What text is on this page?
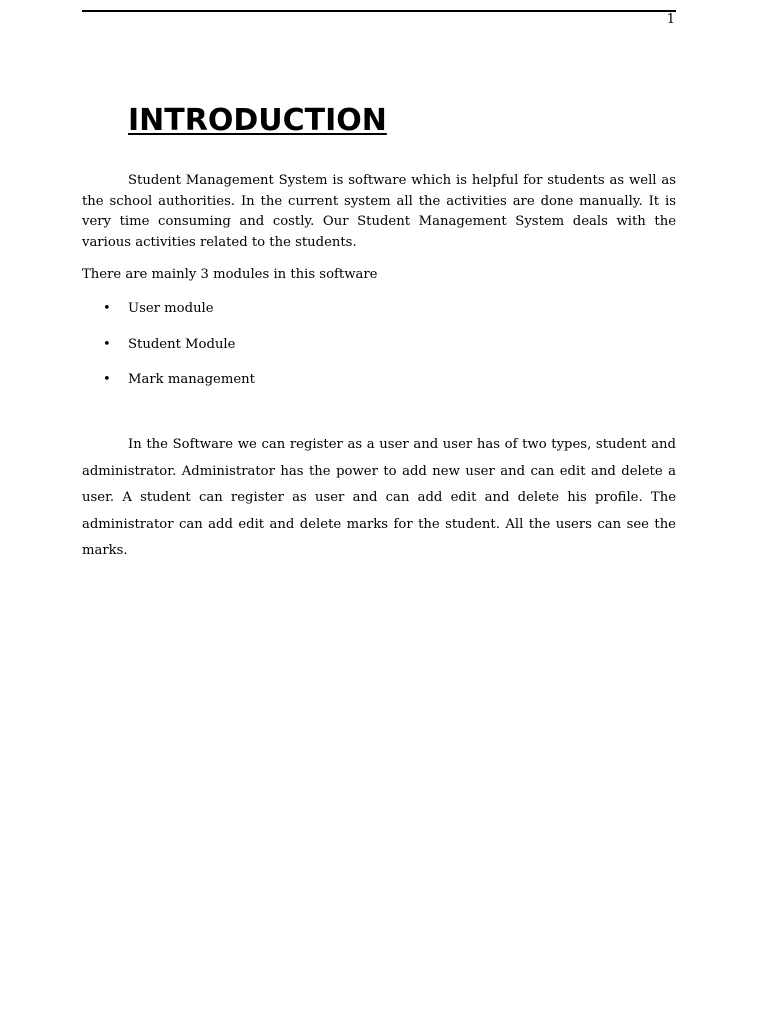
1
INTRODUCTION

Student Management System is software which is helpful for students as well as the school authorities. In the current system all the activities are done manually. It is very time consuming and costly. Our Student Management System deals with the various activities related to the students.

There are mainly 3 modules in this software

• User module
• Student Module
• Mark management

In the Software we can register as a user and user has of two types, student and administrator. Administrator has the power to add new user and can edit and delete a user. A student can register as user and can add edit and delete his profile. The administrator can add edit and delete marks for the student. All the users can see the marks.
